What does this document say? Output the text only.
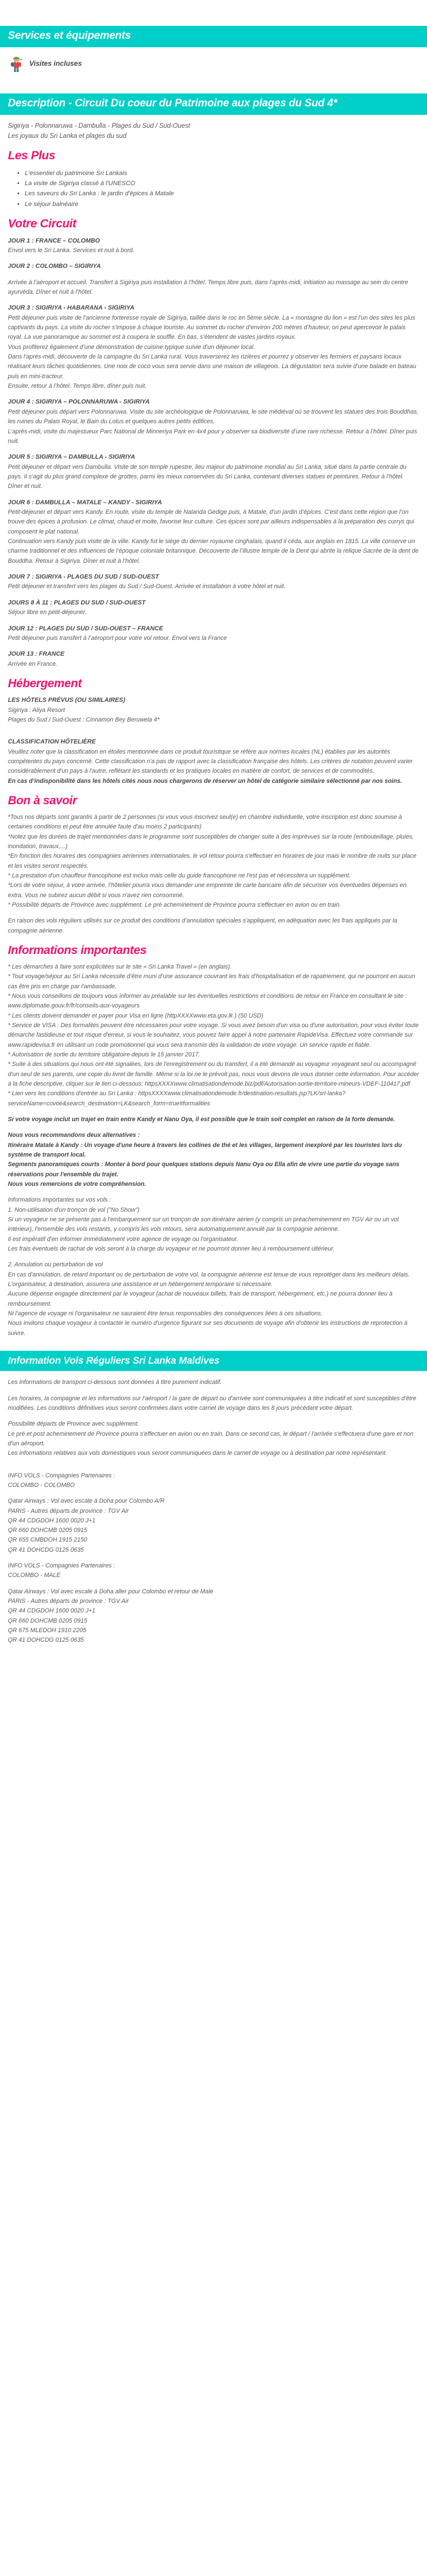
Services et équipements
Visites incluses
Description - Circuit Du coeur du Patrimoine aux plages du Sud 4*

Sigiriya - Polonnaruwa - Dambulla - Plages du Sud / Sud-Ouest

Les joyaux du Sri Lanka et plages du sud

Les Plus
• L'essentiel du patrimoine Sri Lankais
• La visite de Sigiriya classé à l'UNESCO
• Les saveurs du Sri Lanka : le jardin d'épices à Matale
• Le séjour balnéaire
Votre Circuit

JOUR 1 : FRANCE – COLOMBO

Envol vers le Sri Lanka. Services et nuit à bord.

JOUR 2 : COLOMBO – SIGIRIYA

Arrivée à l’aéroport et accueil. Transfert à Sigiriya puis installation à l’hôtel. Temps libre puis, dans l’après-midi, initiation au massage au sein du centre ayurvéda. Dîner et nuit à l’hôtel.

JOUR 3 : SIGIRIYA - HABARANA - SIGIRIYA

Petit déjeuner puis visite de l’ancienne forteresse royale de Sigiriya, taillée dans le roc en 5ème siècle. La « montagne du lion » est l’un des sites les plus captivants du pays. La visite du rocher s’impose à chaque touriste. Au sommet du rocher d’environ 200 mètres d’hauteur, on peut apercevoir le palais royal. La vue panoramique au sommet est à coupera le souffle. En bas, s’étendent de vastes jardins royaux.

Vous profiterez également d’une démonstration de cuisine typique suivie d’un déjeuner local.

Dans l'après-midi, découverte de la campagne du Sri Lanka rural. Vous traverserez les rizières et pourrez y observer les fermiers et paysans locaux réalisant leurs tâches quotidiennes. Une noix de coco vous sera servie dans une maison de villageois. La dégustation sera suivie d’une balade en bateau puis en mini-tracteur.

Ensuite, retour à l’hôtel. Temps libre, dîner puis nuit.

JOUR 4 : SIGIRIYA – POLONNARUWA - SIGIRIYA

Petit déjeuner puis départ vers Polonnaruwa. Visite du site archéologique de Polonnaruwa, le site médiéval où se trouvent les statues des trois Bouddhas, les ruines du Palais Royal, le Bain du Lotus et quelques autres petits édifices.

L’après-midi, visite du majestueux Parc National de Minneriya Park en 4x4 pour y observer sa biodiversité d’une rare richesse. Retour à l’hôtel. Dîner puis nuit.

JOUR 5 : SIGIRIYA – DAMBULLA - SIGIRIYA

Petit déjeuner et départ vers Dambulla. Visite de son temple rupestre, lieu majeur du patrimoine mondial au Sri Lanka, situé dans la partie centrale du pays. Il s’agit du plus grand complexe de grottes, parmi les mieux conservées du Sri Lanka, contenant diverses statues et peintures. Retour à l’hôtel. Dîner et nuit.

JOUR 6 : DAMBULLA – MATALE – KANDY - SIGIRIYA

Petit-déjeuner et départ vers Kandy. En route, visite du temple de Nalanda Gedige puis, à Matale, d’un jardin d’épices. C'est dans cette région que l’on trouve des épices à profusion. Le climat, chaud et moite, favorise leur culture. Ces épices sont par ailleurs indispensables à la préparation des currys qui composent le plat national.

Continuation vers Kandy puis visite de la ville. Kandy fut le siège du dernier royaume cinghalais, quand il céda, aux anglais en 1815. La ville conserve un charme traditionnel et des influences de l’époque coloniale britannique. Découverte de l’illustre temple de la Dent qui abrite la relique Sacrée de la dent de Bouddha. Retour à Sigiriya. Dîner et nuit à l’hôtel.

JOUR 7 : SIGIRIYA - PLAGES DU SUD / SUD-OUEST

Petit déjeuner et transfert vers les plages du Sud / Sud-Ouest. Arrivée et installation à votre hôtel et nuit.

JOURS 8 À 11 : PLAGES DU SUD / SUD-OUEST

Séjour libre en petit-déjeuner.

JOUR 12 : PLAGES DU SUD / SUD-OUEST – FRANCE

Petit déjeuner puis transfert à l’aéroport pour votre vol retour. Envol vers la France

JOUR 13 : FRANCE

Arrivée en France.

Hébergement

LES HÔTELS PRÉVUS (OU SIMILAIRES)

Sigiriya : Aliya Resort

Plages du Sud / Sud-Ouest : Cinnamon Bey Beruwela 4*

CLASSIFICATION HÔTELIÈRE

Veuillez noter que la classification en étoiles mentionnée dans ce produit touristique se réfère aux normes locales (NL) établies par les autorités compétentes du pays concerné. Cette classification n'a pas de rapport avec la classification française des hôtels. Les critères de notation peuvent varier considérablement d'un pays à l'autre, reflétant les standards et les pratiques locales en matière de confort, de services et de commodités.

En cas d’indisponibilité dans les hôtels cités nous nous chargerons de réserver un hôtel de catégorie similaire sélectionné par nos soins.

Bon à savoir

*Tous nos départs sont garantis à partir de 2 personnes (si vous vous inscrivez seul(e) en chambre individuelle, votre inscription est donc soumise à certaines conditions et peut être annulée faute d'au moins 2 participants)

*Notez que les durées de trajet mentionnées dans le programme sont susceptibles de changer suite à des imprévues sur la route (embouteillage, pluies, inondation, travaux,...)

*En fonction des horaires des compagnies aériennes internationales, le vol retour pourra s'effectuer en horaires de jour mais le nombre de nuits sur place et les visites seront respectés.

* La prestation d'un chauffeur francophone est inclus mais celle du guide francophone ne l'est pas et nécessitera un supplément.

*Lors de votre séjour, à votre arrivée, l’hôtelier pourra vous demander une empreinte de carte bancaire afin de sécuriser vos éventuelles dépenses en extra. Vous ne subirez aucun débit si vous n'avez rien consommé.

* Possibilité départs de Province avec supplément. Le pré acheminement de Province pourra s'effectuer en avion ou en train.

En raison des vols réguliers utilisés sur ce produit des conditions d’annulation spéciales s'appliquent, en adéquation avec les frais appliqués par la compagnie aérienne.

Informations importantes

* Les démarches à faire sont explicitées sur le site « Sri Lanka Travel » (en anglais).

* Tout voyage/séjour au Sri Lanka nécessite d’être muni d’une assurance couvrant les frais d’hospitalisation et de rapatriement, qui ne pourront en aucun cas être pris en charge par l’ambassade.

* Nous vous conseillons de toujours vous informer au préalable sur les éventuelles restrictions et conditions de retour en France en consultant le site : www.diplomatie.gouv.fr/fr/conseils-aux-voyageurs

* Les clients doivent demander et payer pour Visa en ligne (httpXXXXwww.eta.gov.lk ) (50 USD)

* Service de VISA : Des formalités peuvent être nécessaires pour votre voyage. Si vous avez besoin d'un visa ou d'une autorisation, pour vous éviter toute démarche fastidieuse et tout risque d'erreur, si vous le souhaitez, vous pouvez faire appel à notre partenaire RapideVisa. Effectuez votre commande sur www.rapidevisa.fr en utilisant un code promotionnel qui vous sera transmis dès la validation de votre voyage. Un service rapide et fiable.

* Autorisation de sortie du territoire obligatoire depuis le 15 janvier 2017.

* Suite à des situations qui nous ont été signalées, lors de l'enregistrement ou du transfert, il a été demandé au voyageur voyageant seul ou accompagné d'un seul de ses parents, une copie du livret de famille. Même si la loi ne le prévoit pas, nous vous devons de vous donner cette information. Pour accéder à la fiche descriptive, cliquer sur le lien ci-dessous: httpsXXXXwww.climatisationdemode.biz/pdf/Autorisation-sortie-territoire-mineurs-VDEF-110417.pdf

* Lien vers les conditions d'entrée au Sri Lanka : httpsXXXXwww.climatisationdemode.fr/destination-resultats.jsp?LK/sri-lanka?serviceName=covoe&search_destination=LK&search_form=true#formalities

Si votre voyage inclut un trajet en train entre Kandy et Nanu Oya, il est possible que le train soit complet en raison de la forte demande.

Nous vous recommandons deux alternatives :

Itinéraire Matale à Kandy : Un voyage d'une heure à travers les collines de thé et les villages, largement inexploré par les touristes lors du système de transport local.

Segments panoramiques courts : Monter à bord pour quelques stations depuis Nanu Oya ou Ella afin de vivre une partie du voyage sans réservations pour l'ensemble du trajet.

Nous vous remercions de votre compréhension.

Informations importantes sur vos vols :

1. Non-utilisation d'un tronçon de vol ("No Show")

Si un voyageur ne se présente pas à l'embarquement sur un tronçon de son itinéraire aérien (y compris un préacheminement en TGV Air ou un vol intérieur), l'ensemble des vols restants, y compris les vols retours, sera automatiquement annulé par la compagnie aérienne.

Il est impératif d'en informer immédiatement votre agence de voyage ou l'organisateur.

Les frais éventuels de rachat de vols seront à la charge du voyageur et ne pourront donner lieu à remboursement ultérieur.

2. Annulation ou perturbation de vol

En cas d'annulation, de retard important ou de perturbation de votre vol, la compagnie aérienne est tenue de vous reprotéger dans les meilleurs délais.

L'organisateur, à destination, assurera une assistance et un hébergement temporaire si nécessaire.

Aucune dépense engagée directement par le voyageur (achat de nouveaux billets, frais de transport, hébergement, etc.) ne pourra donner lieu à remboursement.

Ni l'agence de voyage ni l'organisateur ne sauraient être tenus responsables des conséquences liées à ces situations.

Nous invitons chaque voyageur à contacter le numéro d'urgence figurant sur ses documents de voyage afin d'obtenir les instructions de reprotection à suivre.

Information Vols Réguliers Sri Lanka Maldives

Les informations de transport ci-dessous sont données à titre purement indicatif.

Les horaires, la compagnie et les informations sur l'aéroport / la gare de départ ou d'arrivée sont communiquées à titre indicatif et sont susceptibles d'être modifiées. Les conditions définitives vous seront confirmées dans votre carnet de voyage dans les 8 jours précédant votre départ.

Possibilité départs de Province avec supplément.

Le pré et post acheminement de Province pourra s'effectuer en avion ou en train. Dans ce second cas, le départ / l'arrivée s'effectuera d'une gare et non d'un aéroport.

Les informations relatives aux vols domestiques vous seront communiquées dans le carnet de voyage ou à destination par notre représentant.

INFO VOLS - Compagnies Partenaires :

COLOMBO - COLOMBO

Qatar Airways : Vol avec escale à Doha pour Colombo A/R

PARIS - Autres départs de province : TGV Air

QR 44 CDGDOH 1600 0020 J+1

QR 660 DOHCMB 0205 0915

QR 655 CMBDOH 1915 2150

QR 41 DOHCDG 0125 0635

INFO VOLS - Compagnies Partenaires :

COLOMBO - MALE

Qatar Airways : Vol avec escale à Doha aller pour Colombo et retour de Male

PARIS - Autres départs de province : TGV Air

QR 44 CDGDOH 1600 0020 J+1

QR 660 DOHCMB 0205 0915

QR 675 MLEDOH 1910 2205

QR 41 DOHCDG 0125 0635
